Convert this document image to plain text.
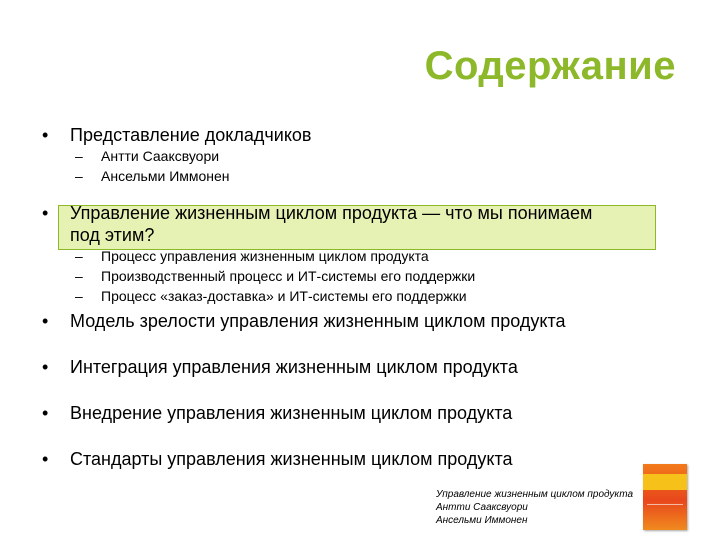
Содержание
• Представление докладчиков
– Антти Сааксвуори
– Ансельми Иммонен
• Управление жизненным циклом продукта — что мы понимаем
под этим?
– Процесс управления жизненным циклом продукта
– Производственный процесс и ИТ-системы его поддержки
– Процесс «заказ-доставка» и ИТ-системы его поддержки
• Модель зрелости управления жизненным циклом продукта
• Интеграция управления жизненным циклом продукта
• Внедрение управления жизненным циклом продукта
• Стандарты управления жизненным циклом продукта
Управление жизненным циклом продукта
Антти Сааксвуори
Ансельми Иммонен
